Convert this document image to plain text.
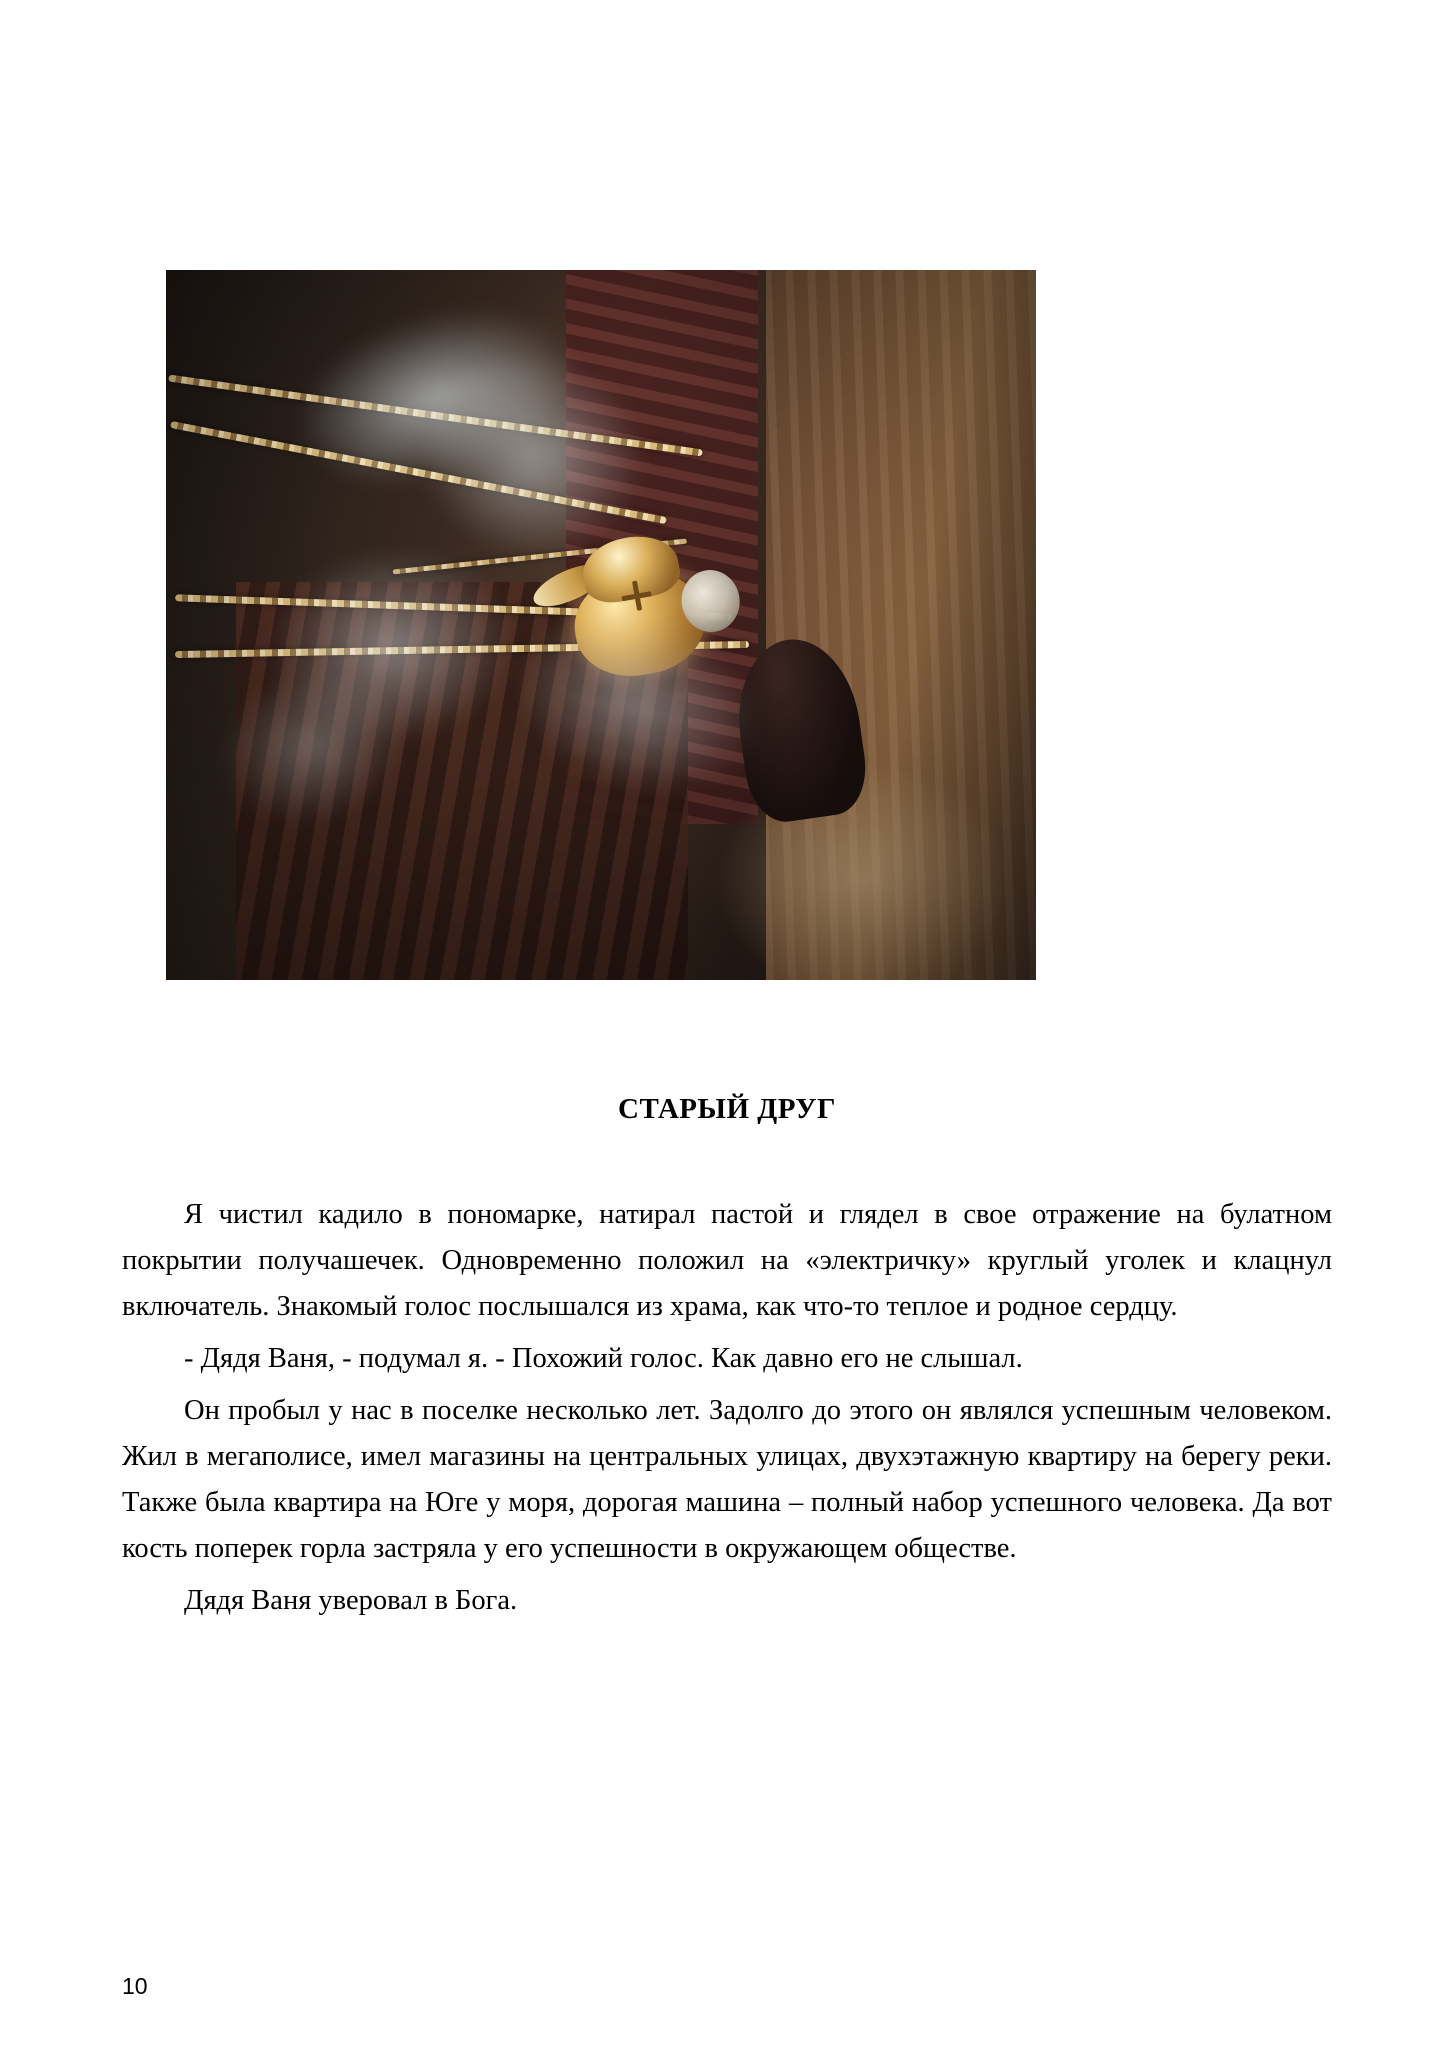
СТАРЫЙ ДРУГ

Я чистил кадило в пономарке, натирал пастой и глядел в свое отражение на булатном покрытии получашечек. Одновременно положил на «электричку» круглый уголек и клацнул включатель. Знакомый голос послышался из храма, как что-то теплое и родное сердцу.

- Дядя Ваня, - подумал я. - Похожий голос. Как давно его не слышал.

Он пробыл у нас в поселке несколько лет. Задолго до этого он являлся успешным человеком. Жил в мегаполисе, имел магазины на центральных улицах, двухэтажную квартиру на берегу реки. Также была квартира на Юге у моря, дорогая машина – полный набор успешного человека. Да вот кость поперек горла застряла у его успешности в окружающем обществе.

Дядя Ваня уверовал в Бога.

10
